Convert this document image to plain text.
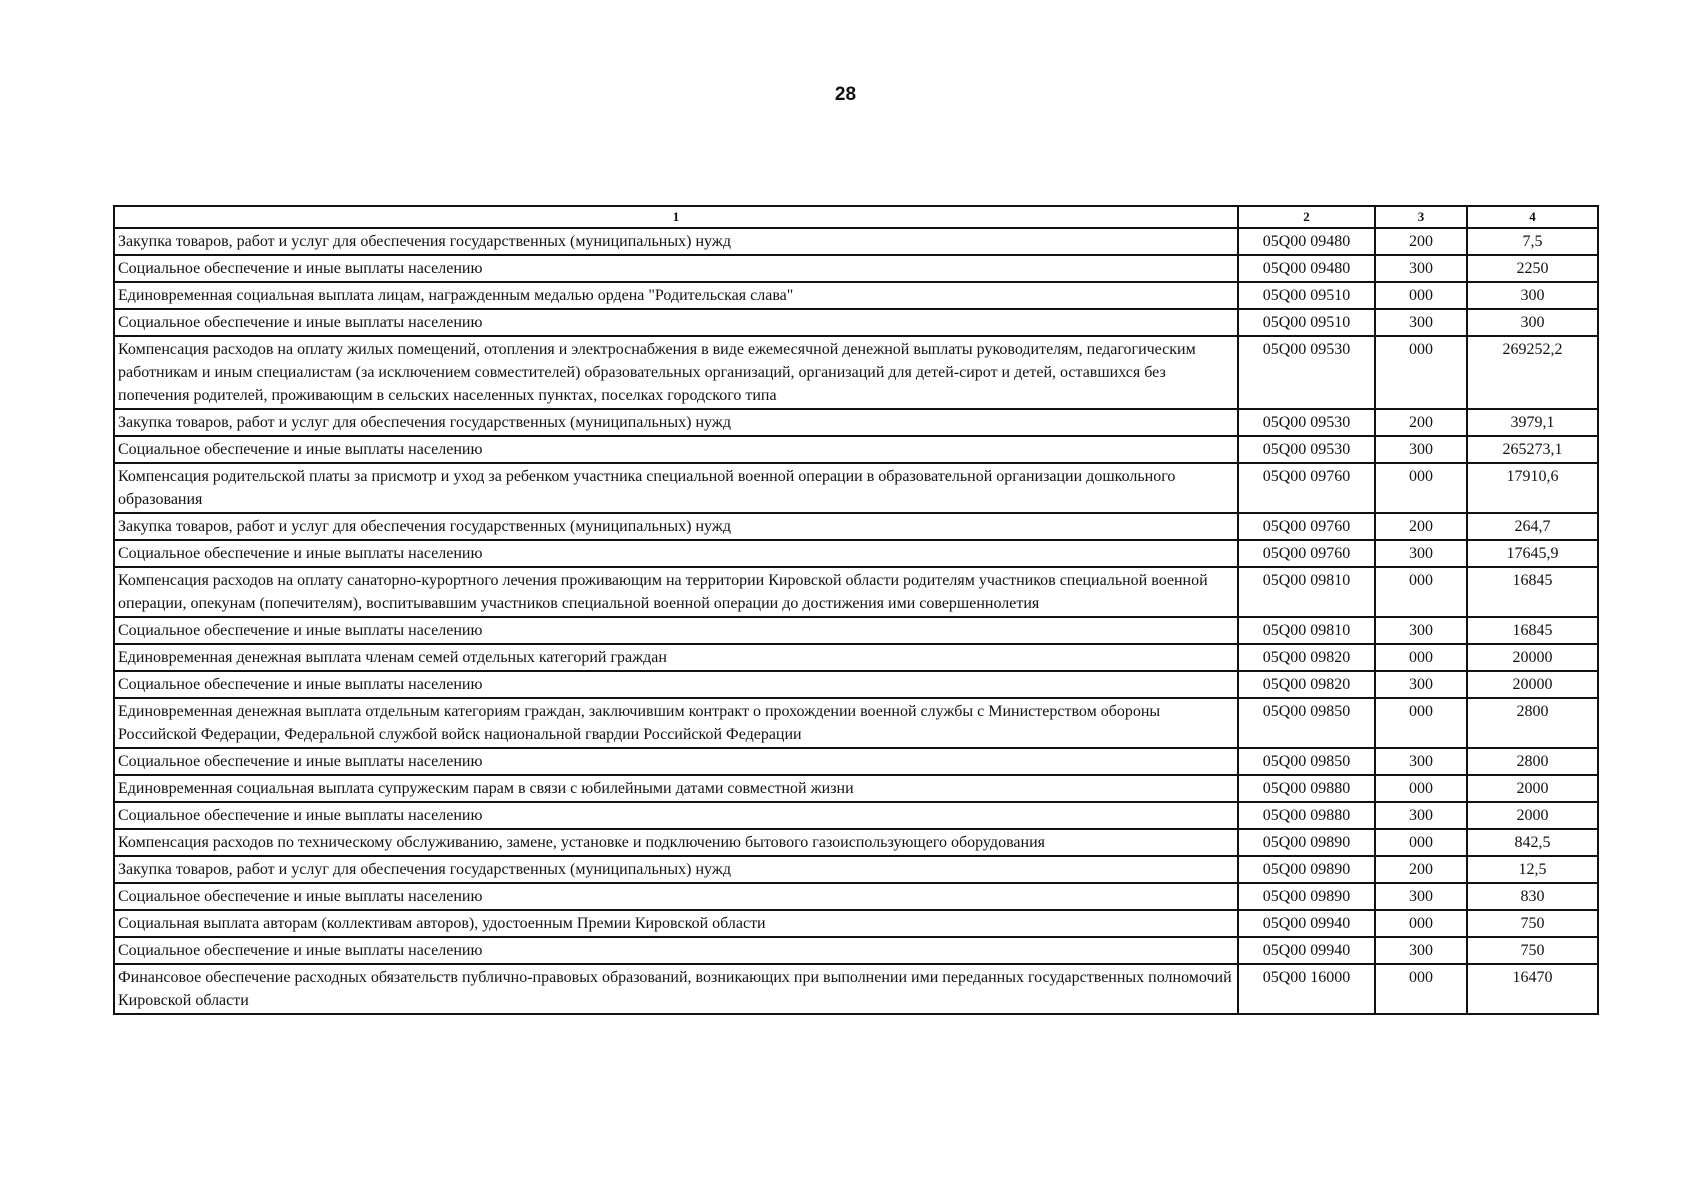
28
1	2	3	4
Закупка товаров, работ и услуг для обеспечения государственных (муниципальных) нужд	05Q00 09480	200	7,5
Социальное обеспечение и иные выплаты населению	05Q00 09480	300	2250
Единовременная социальная выплата лицам, награжденным медалью ордена "Родительская слава"	05Q00 09510	000	300
Социальное обеспечение и иные выплаты населению	05Q00 09510	300	300
Компенсация расходов на оплату жилых помещений, отопления и электроснабжения в виде ежемесячной денежной выплаты руководителям, педагогическим работникам и иным специалистам (за исключением совместителей) образовательных организаций, организаций для детей-сирот и детей, оставшихся без попечения родителей, проживающим в сельских населенных пунктах, поселках городского типа	05Q00 09530	000	269252,2
Закупка товаров, работ и услуг для обеспечения государственных (муниципальных) нужд	05Q00 09530	200	3979,1
Социальное обеспечение и иные выплаты населению	05Q00 09530	300	265273,1
Компенсация родительской платы за присмотр и уход за ребенком участника специальной военной операции в образовательной организации дошкольного образования	05Q00 09760	000	17910,6
Закупка товаров, работ и услуг для обеспечения государственных (муниципальных) нужд	05Q00 09760	200	264,7
Социальное обеспечение и иные выплаты населению	05Q00 09760	300	17645,9
Компенсация расходов на оплату санаторно-курортного лечения проживающим на территории Кировской области родителям участников специальной военной операции, опекунам (попечителям), воспитывавшим участников специальной военной операции до достижения ими совершеннолетия	05Q00 09810	000	16845
Социальное обеспечение и иные выплаты населению	05Q00 09810	300	16845
Единовременная денежная выплата членам семей отдельных категорий граждан	05Q00 09820	000	20000
Социальное обеспечение и иные выплаты населению	05Q00 09820	300	20000
Единовременная денежная выплата отдельным категориям граждан, заключившим контракт о прохождении военной службы с Министерством обороны Российской Федерации, Федеральной службой войск национальной гвардии Российской Федерации	05Q00 09850	000	2800
Социальное обеспечение и иные выплаты населению	05Q00 09850	300	2800
Единовременная социальная выплата супружеским парам в связи с юбилейными датами совместной жизни	05Q00 09880	000	2000
Социальное обеспечение и иные выплаты населению	05Q00 09880	300	2000
Компенсация расходов по техническому обслуживанию, замене, установке и подключению бытового газоиспользующего оборудования	05Q00 09890	000	842,5
Закупка товаров, работ и услуг для обеспечения государственных (муниципальных) нужд	05Q00 09890	200	12,5
Социальное обеспечение и иные выплаты населению	05Q00 09890	300	830
Социальная выплата авторам (коллективам авторов), удостоенным Премии Кировской области	05Q00 09940	000	750
Социальное обеспечение и иные выплаты населению	05Q00 09940	300	750
Финансовое обеспечение расходных обязательств публично-правовых образований, возникающих при выполнении ими переданных государственных полномочий Кировской области	05Q00 16000	000	16470
